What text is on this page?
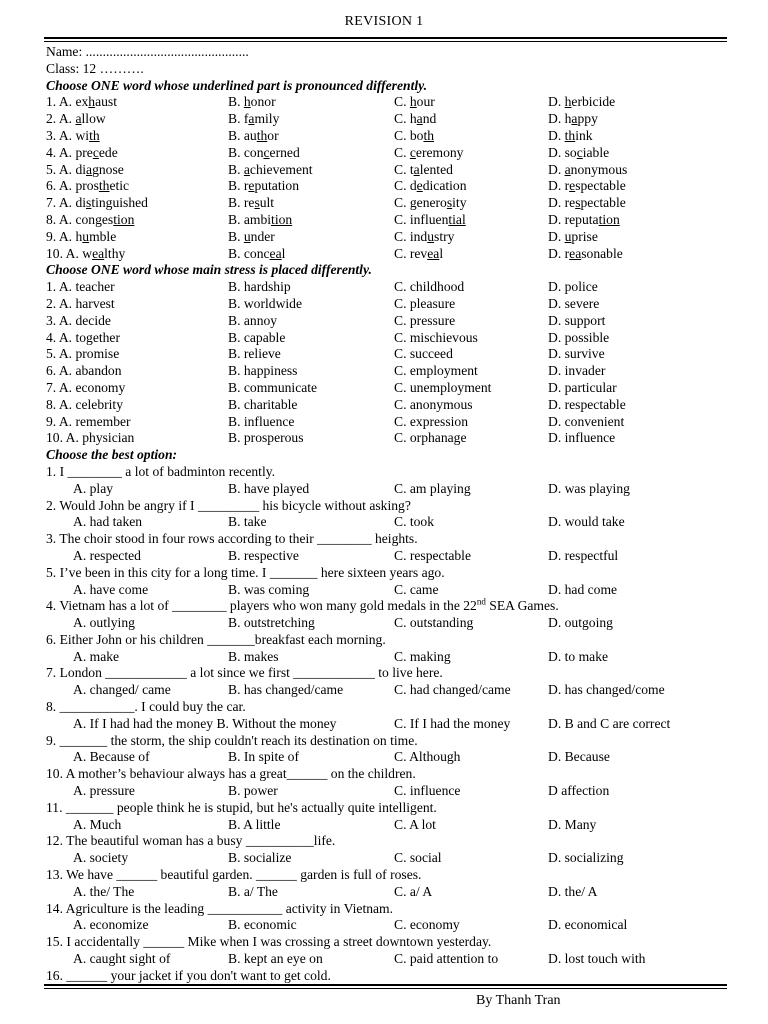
REVISION 1
Name: ................................................
Class: 12 ……….
Choose ONE word whose underlined part is pronounced differently.
1. A. exhaust	B. honor	C. hour	D. herbicide
2. A. allow	B. family	C. hand	D. happy
3. A. with	B. author	C. both	D. think
4. A. precede	B. concerned	C. ceremony	D. sociable
5. A. diagnose	B. achievement	C. talented	D. anonymous
6. A. prosthetic	B. reputation	C. dedication	D. respectable
7. A. distinguished	B. result	C. generosity	D. respectable
8. A. congestion	B. ambition	C. influential	D. reputation
9. A. humble	B. under	C. industry	D. uprise
10. A. wealthy	B. conceal	C. reveal	D. reasonable
Choose ONE word whose main stress is placed differently.
1. A. teacher	B. hardship	C. childhood	D. police
2. A. harvest	B. worldwide	C. pleasure	D. severe
3. A. decide	B. annoy	C. pressure	D. support
4. A. together	B. capable	C. mischievous	D. possible
5. A. promise	B. relieve	C. succeed	D. survive
6. A. abandon	B. happiness	C. employment	D. invader
7. A. economy	B. communicate	C. unemployment	D. particular
8. A. celebrity	B. charitable	C. anonymous	D. respectable
9. A. remember	B. influence	C. expression	D. convenient
10. A. physician	B. prosperous	C. orphanage	D. influence
Choose the best option:
1. I ________ a lot of badminton recently.
A. play	B. have played	C. am playing	D. was playing
2. Would John be angry if I _________ his bicycle without asking?
A. had taken	B. take	C. took	D. would take
3. The choir stood in four rows according to their ________ heights.
A. respected	B. respective	C. respectable	D. respectful
5. I’ve been in this city for a long time. I _______ here sixteen years ago.
A. have come	B. was coming	C. came	D. had come
4. Vietnam has a lot of ________ players who won many gold medals in the 22nd SEA Games.
A. outlying	B. outstretching	C. outstanding	D. outgoing
6. Either John or his children _______breakfast each morning.
A. make	B. makes	C. making	D. to make
7. London ____________ a lot since we first ____________ to live here.
A. changed/ came	B. has changed/came	C. had changed/came	D. has changed/come
8. ___________. I could buy the car.
A. If I had had the money B. Without the money	C. If I had the money	D. B and C are correct
9. _______ the storm, the ship couldn't reach its destination on time.
A. Because of	B. In spite of	C. Although	D. Because
10. A mother’s behaviour always has a great______ on the children.
A. pressure	B. power	C. influence	D affection
11. _______ people think he is stupid, but he's actually quite intelligent.
A. Much	B. A little	C. A lot	D. Many
12. The beautiful woman has a busy __________life.
A. society	B. socialize	C. social	D. socializing
13. We have ______ beautiful garden. ______ garden is full of roses.
A. the/ The	B. a/ The	C. a/ A	D. the/ A
14. Agriculture is the leading ___________ activity in Vietnam.
A. economize	B. economic	C. economy	D. economical
15. I accidentally ______ Mike when I was crossing a street downtown yesterday.
A. caught sight of	B. kept an eye on	C. paid attention to	D. lost touch with
16. ______ your jacket if you don't want to get cold.
By Thanh Tran
